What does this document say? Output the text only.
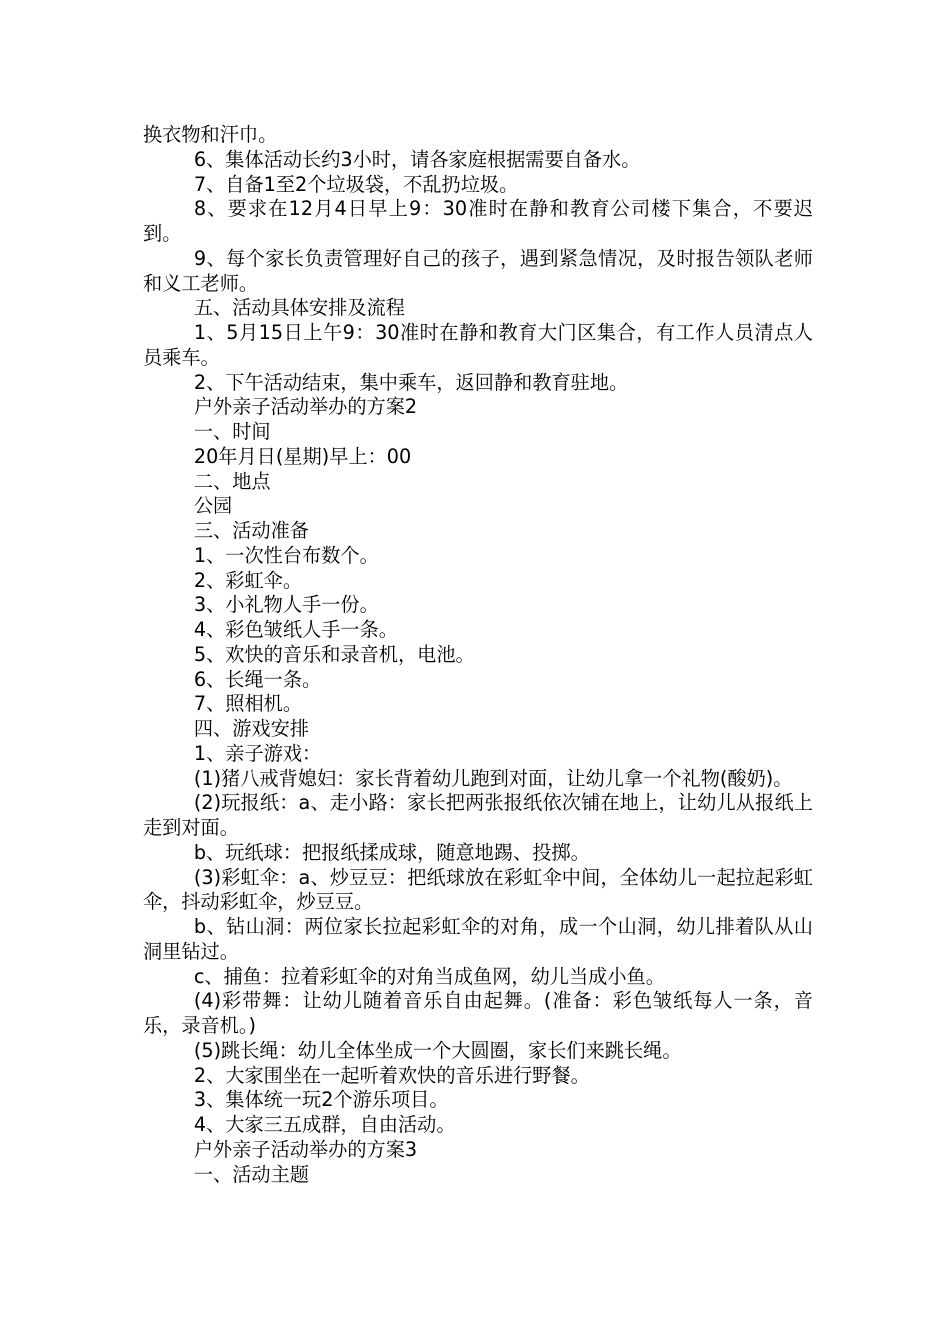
换衣物和汗巾。

6、集体活动长约3小时，请各家庭根据需要自备水。

7、自备1至2个垃圾袋，不乱扔垃圾。

8、要求在12月4日早上9：30准时在静和教育公司楼下集合，不要迟到。

9、每个家长负责管理好自己的孩子，遇到紧急情况，及时报告领队老师和义工老师。

五、活动具体安排及流程

1、5月15日上午9：30准时在静和教育大门区集合，有工作人员清点人员乘车。

2、下午活动结束，集中乘车，返回静和教育驻地。

户外亲子活动举办的方案2

一、时间

20年月日(星期)早上：00

二、地点

公园

三、活动准备

1、一次性台布数个。

2、彩虹伞。

3、小礼物人手一份。

4、彩色皱纸人手一条。

5、欢快的音乐和录音机，电池。

6、长绳一条。

7、照相机。

四、游戏安排

1、亲子游戏：

(1)猪八戒背媳妇：家长背着幼儿跑到对面，让幼儿拿一个礼物(酸奶)。

(2)玩报纸：a、走小路：家长把两张报纸依次铺在地上，让幼儿从报纸上走到对面。

b、玩纸球：把报纸揉成球，随意地踢、投掷。

(3)彩虹伞：a、炒豆豆：把纸球放在彩虹伞中间，全体幼儿一起拉起彩虹伞，抖动彩虹伞，炒豆豆。

b、钻山洞：两位家长拉起彩虹伞的对角，成一个山洞，幼儿排着队从山洞里钻过。

c、捕鱼：拉着彩虹伞的对角当成鱼网，幼儿当成小鱼。

(4)彩带舞：让幼儿随着音乐自由起舞。(准备：彩色皱纸每人一条，音乐，录音机。)

(5)跳长绳：幼儿全体坐成一个大圆圈，家长们来跳长绳。

2、大家围坐在一起听着欢快的音乐进行野餐。

3、集体统一玩2个游乐项目。

4、大家三五成群，自由活动。

户外亲子活动举办的方案3

一、活动主题
